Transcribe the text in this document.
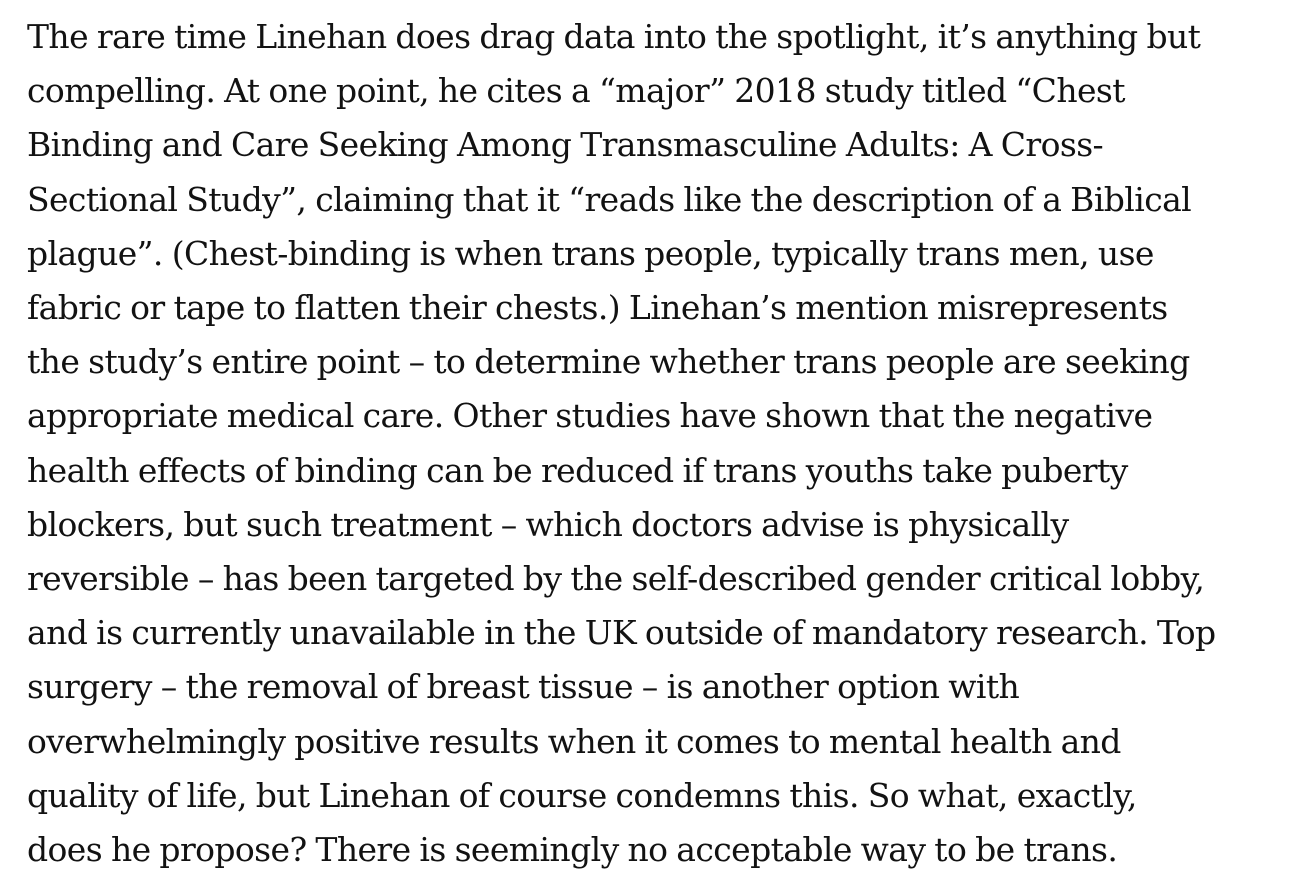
The rare time Linehan does drag data into the spotlight, it’s anything but
compelling. At one point, he cites a “major” 2018 study titled “Chest
Binding and Care Seeking Among Transmasculine Adults: A Cross-
Sectional Study”, claiming that it “reads like the description of a Biblical
plague”. (Chest-binding is when trans people, typically trans men, use
fabric or tape to flatten their chests.) Linehan’s mention misrepresents
the study’s entire point – to determine whether trans people are seeking
appropriate medical care. Other studies have shown that the negative
health effects of binding can be reduced if trans youths take puberty
blockers, but such treatment – which doctors advise is physically
reversible – has been targeted by the self-described gender critical lobby,
and is currently unavailable in the UK outside of mandatory research. Top
surgery – the removal of breast tissue – is another option with
overwhelmingly positive results when it comes to mental health and
quality of life, but Linehan of course condemns this. So what, exactly,
does he propose? There is seemingly no acceptable way to be trans.
